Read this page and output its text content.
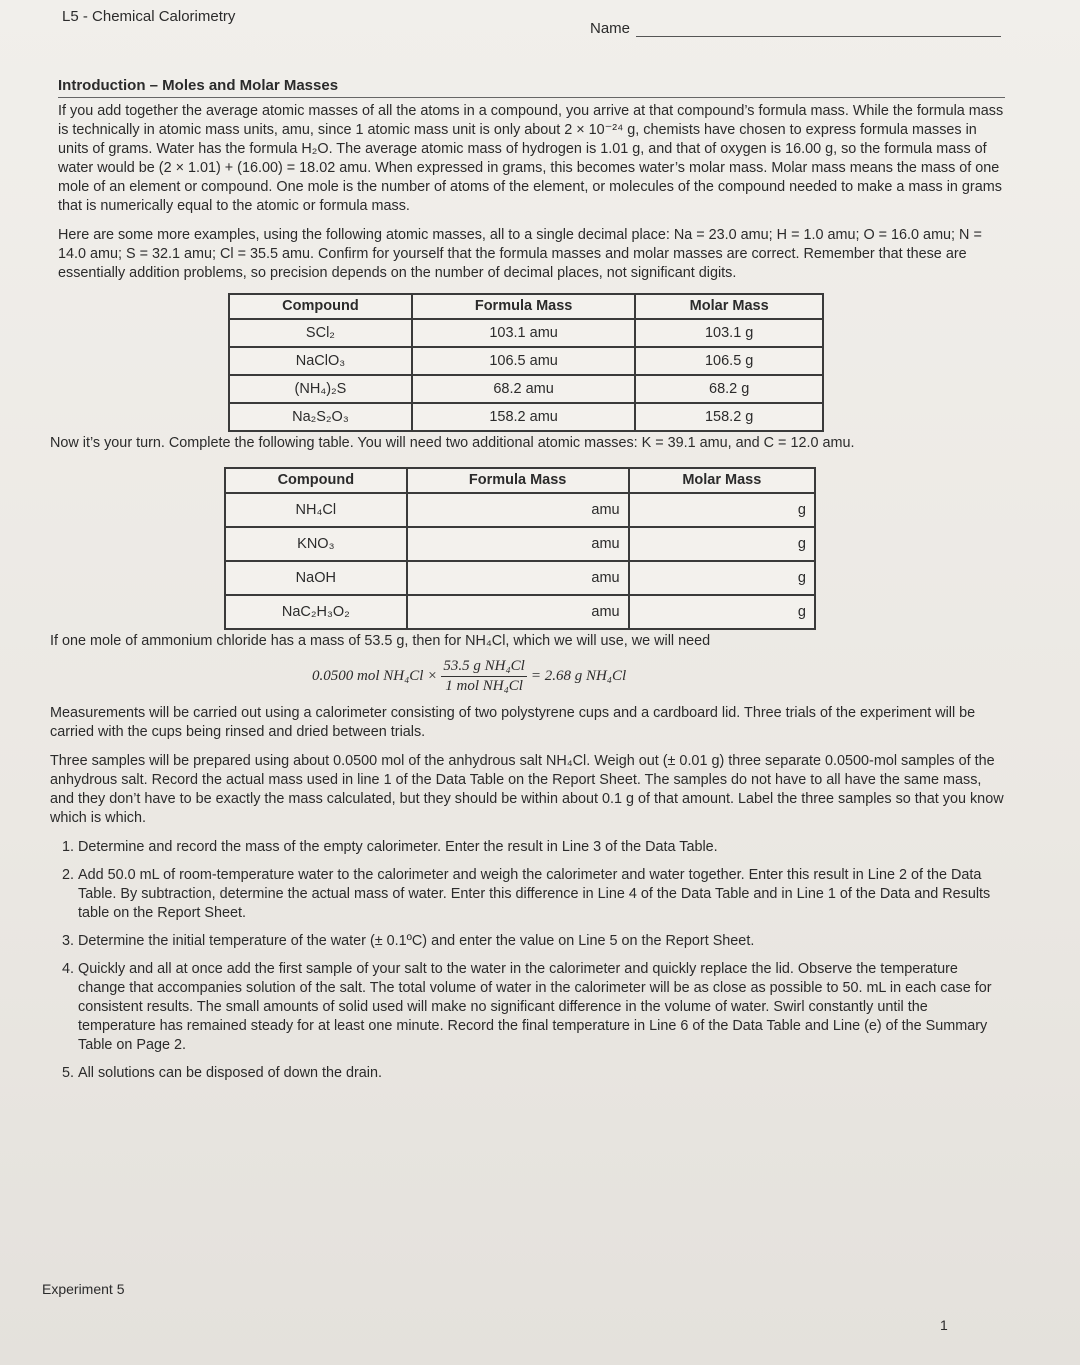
L5 - Chemical Calorimetry
Name
Introduction – Moles and Molar Masses

If you add together the average atomic masses of all the atoms in a compound, you arrive at that compound’s formula mass. While the formula mass is technically in atomic mass units, amu, since 1 atomic mass unit is only about 2 × 10⁻²⁴ g, chemists have chosen to express formula masses in units of grams. Water has the formula H₂O. The average atomic mass of hydrogen is 1.01 g, and that of oxygen is 16.00 g, so the formula mass of water would be (2 × 1.01) + (16.00) = 18.02 amu. When expressed in grams, this becomes water’s molar mass. Molar mass means the mass of one mole of an element or compound. One mole is the number of atoms of the element, or molecules of the compound needed to make a mass in grams that is numerically equal to the atomic or formula mass.

Here are some more examples, using the following atomic masses, all to a single decimal place: Na = 23.0 amu; H = 1.0 amu; O = 16.0 amu; N = 14.0 amu; S = 32.1 amu; Cl = 35.5 amu. Confirm for yourself that the formula masses and molar masses are correct. Remember that these are essentially addition problems, so precision depends on the number of decimal places, not significant digits.

Compound	Formula Mass	Molar Mass
SCl₂	103.1 amu	103.1 g
NaClO₃	106.5 amu	106.5 g
(NH₄)₂S	68.2 amu	68.2 g
Na₂S₂O₃	158.2 amu	158.2 g

Now it’s your turn. Complete the following table. You will need two additional atomic masses: K = 39.1 amu, and C = 12.0 amu.

Compound	Formula Mass	Molar Mass
NH₄Cl	amu	g
KNO₃	amu	g
NaOH	amu	g
NaC₂H₃O₂	amu	g

If one mole of ammonium chloride has a mass of 53.5 g, then for NH₄Cl, which we will use, we will need

0.0500 mol $NH_4Cl \times \frac{\text{53.5 g NH₄Cl}}{\text{1 mol NH₄Cl}} = 2.68$ g NH₄Cl

Measurements will be carried out using a calorimeter consisting of two polystyrene cups and a cardboard lid. Three trials of the experiment will be carried with the cups being rinsed and dried between trials.

Three samples will be prepared using about 0.0500 mol of the anhydrous salt NH₄Cl. Weigh out (± 0.01 g) three separate 0.0500-mol samples of the anhydrous salt. Record the actual mass used in line 1 of the Data Table on the Report Sheet. The samples do not have to all have the same mass, and they don’t have to be exactly the mass calculated, but they should be within about 0.1 g of that amount. Label the three samples so that you know which is which.

1. Determine and record the mass of the empty calorimeter. Enter the result in Line 3 of the Data Table.
2. Add 50.0 mL of room-temperature water to the calorimeter and weigh the calorimeter and water together. Enter this result in Line 2 of the Data Table. By subtraction, determine the actual mass of water. Enter this difference in Line 4 of the Data Table and in Line 1 of the Data and Results table on the Report Sheet.
3. Determine the initial temperature of the water (± 0.1ºC) and enter the value on Line 5 on the Report Sheet.
4. Quickly and all at once add the first sample of your salt to the water in the calorimeter and quickly replace the lid. Observe the temperature change that accompanies solution of the salt. The total volume of water in the calorimeter will be as close as possible to 50. mL in each case for consistent results. The small amounts of solid used will make no significant difference in the volume of water. Swirl constantly until the temperature has remained steady for at least one minute. Record the final temperature in Line 6 of the Data Table and Line (e) of the Summary Table on Page 2.
5. All solutions can be disposed of down the drain.
Experiment 5
1
